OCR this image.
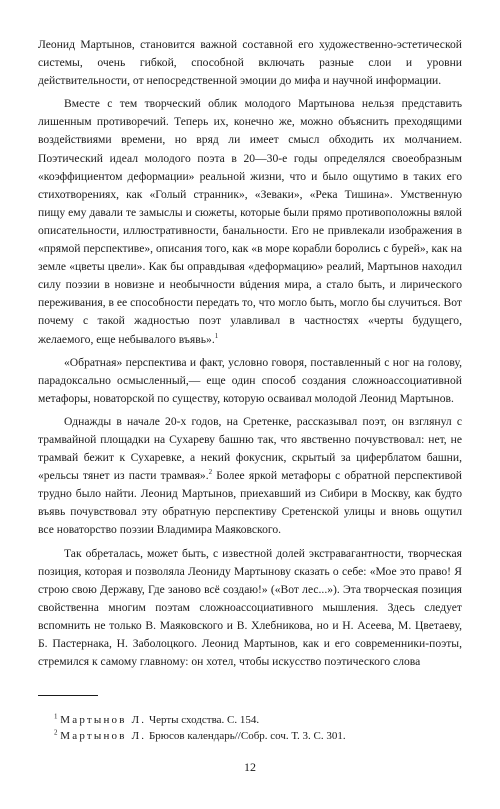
Леонид Мартынов, становится важной составной его художественно-эстетической системы, очень гибкой, способной включать разные слои и уровни действительности, от непосредственной эмоции до мифа и научной информации.

Вместе с тем творческий облик молодого Мартынова нельзя представить лишенным противоречий. Теперь их, конечно же, можно объяснить преходящими воздействиями времени, но вряд ли имеет смысл обходить их молчанием. Поэтический идеал молодого поэта в 20—30-е годы определялся своеобразным «коэффициентом деформации» реальной жизни, что и было ощутимо в таких его стихотворениях, как «Голый странник», «Зеваки», «Река Тишина». Умственную пищу ему давали те замыслы и сюжеты, которые были прямо противоположны вялой описательности, иллюстративности, банальности. Его не привлекали изображения в «прямой перспективе», описания того, как «в море корабли боролись с бурей», как на земле «цветы цвели». Как бы оправдывая «деформацию» реалий, Мартынов находил силу поэзии в новизне и необычности вúдения мира, а стало быть, и лирического переживания, в ее способности передать то, что могло быть, могло бы случиться. Вот почему с такой жадностью поэт улавливал в частностях «черты будущего, желаемого, еще небывалого въявь».$^1$

«Обратная» перспектива и факт, условно говоря, поставленный с ног на голову, парадоксально осмысленный,— еще один способ создания сложноассоциативной метафоры, новаторской по существу, которую осваивал молодой Леонид Мартынов.

Однажды в начале 20-х годов, на Сретенке, рассказывал поэт, он взглянул с трамвайной площадки на Сухареву башню так, что явственно почувствовал: нет, не трамвай бежит к Сухаревке, а некий фокусник, скрытый за циферблатом башни, «рельсы тянет из пасти трамвая».$^2$ Более яркой метафоры с обратной перспективой трудно было найти. Леонид Мартынов, приехавший из Сибири в Москву, как будто въявь почувствовал эту обратную перспективу Сретенской улицы и вновь ощутил все новаторство поэзии Владимира Маяковского.

Так обреталась, может быть, с известной долей экстравагантности, творческая позиция, которая и позволяла Леониду Мартынову сказать о себе: «Мое это право! Я строю свою Державу, Где заново всё создаю!» («Вот лес...»). Эта творческая позиция свойственна многим поэтам сложноассоциативного мышления. Здесь следует вспомнить не только В. Маяковского и В. Хлебникова, но и Н. Асеева, М. Цветаеву, Б. Пастернака, Н. Заболоцкого. Леонид Мартынов, как и его современники-поэты, стремился к самому главному: он хотел, чтобы искусство поэтического слова

$^1$ Мартынов Л. Черты сходства. С. 154.

$^2$ Мартынов Л. Брюсов календарь//Собр. соч. Т. 3. С. 301.

12
